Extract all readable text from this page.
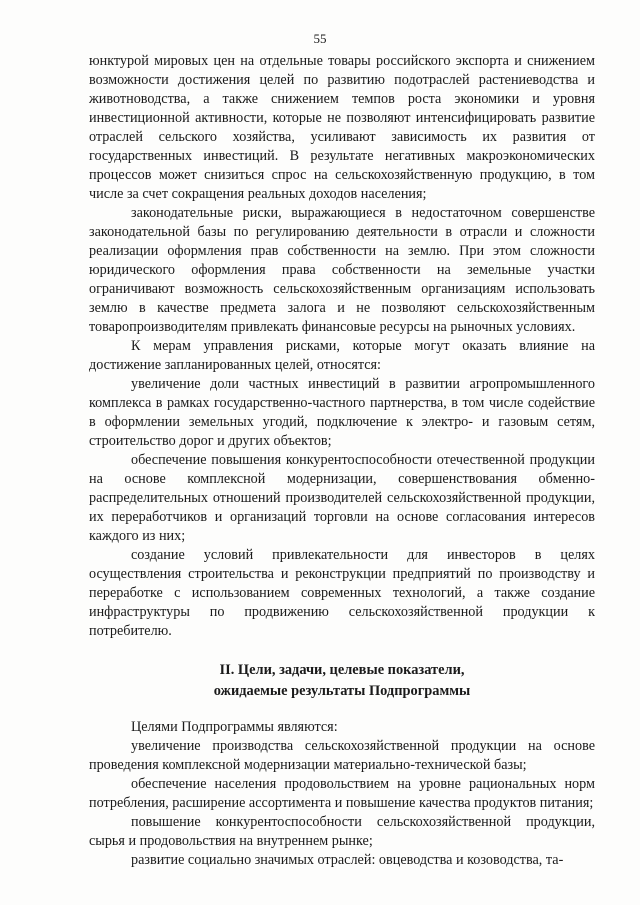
55

юнктурой мировых цен на отдельные товары российского экспорта и снижением возможности достижения целей по развитию подотраслей растениеводства и животноводства, а также снижением темпов роста экономики и уровня инвестиционной активности, которые не позволяют интенсифицировать развитие отраслей сельского хозяйства, усиливают зависимость их развития от государственных инвестиций. В результате негативных макроэкономических процессов может снизиться спрос на сельскохозяйственную продукцию, в том числе за счет сокращения реальных доходов населения;

законодательные риски, выражающиеся в недостаточном совершенстве законодательной базы по регулированию деятельности в отрасли и сложности реализации оформления прав собственности на землю. При этом сложности юридического оформления права собственности на земельные участки ограничивают возможность сельскохозяйственным организациям использовать землю в качестве предмета залога и не позволяют сельскохозяйственным товаропроизводителям привлекать финансовые ресурсы на рыночных условиях.

К мерам управления рисками, которые могут оказать влияние на достижение запланированных целей, относятся:

увеличение доли частных инвестиций в развитии агропромышленного комплекса в рамках государственно-частного партнерства, в том числе содействие в оформлении земельных угодий, подключение к электро- и газовым сетям, строительство дорог и других объектов;

обеспечение повышения конкурентоспособности отечественной продукции на основе комплексной модернизации, совершенствования обменно-распределительных отношений производителей сельскохозяйственной продукции, их переработчиков и организаций торговли на основе согласования интересов каждого из них;

создание условий привлекательности для инвесторов в целях осуществления строительства и реконструкции предприятий по производству и переработке с использованием современных технологий, а также создание инфраструктуры по продвижению сельскохозяйственной продукции к потребителю.

II. Цели, задачи, целевые показатели,
ожидаемые результаты Подпрограммы

Целями Подпрограммы являются:

увеличение производства сельскохозяйственной продукции на основе проведения комплексной модернизации материально-технической базы;

обеспечение населения продовольствием на уровне рациональных норм потребления, расширение ассортимента и повышение качества продуктов питания;

повышение конкурентоспособности сельскохозяйственной продукции, сырья и продовольствия на внутреннем рынке;

развитие социально значимых отраслей: овцеводства и козоводства, та-
